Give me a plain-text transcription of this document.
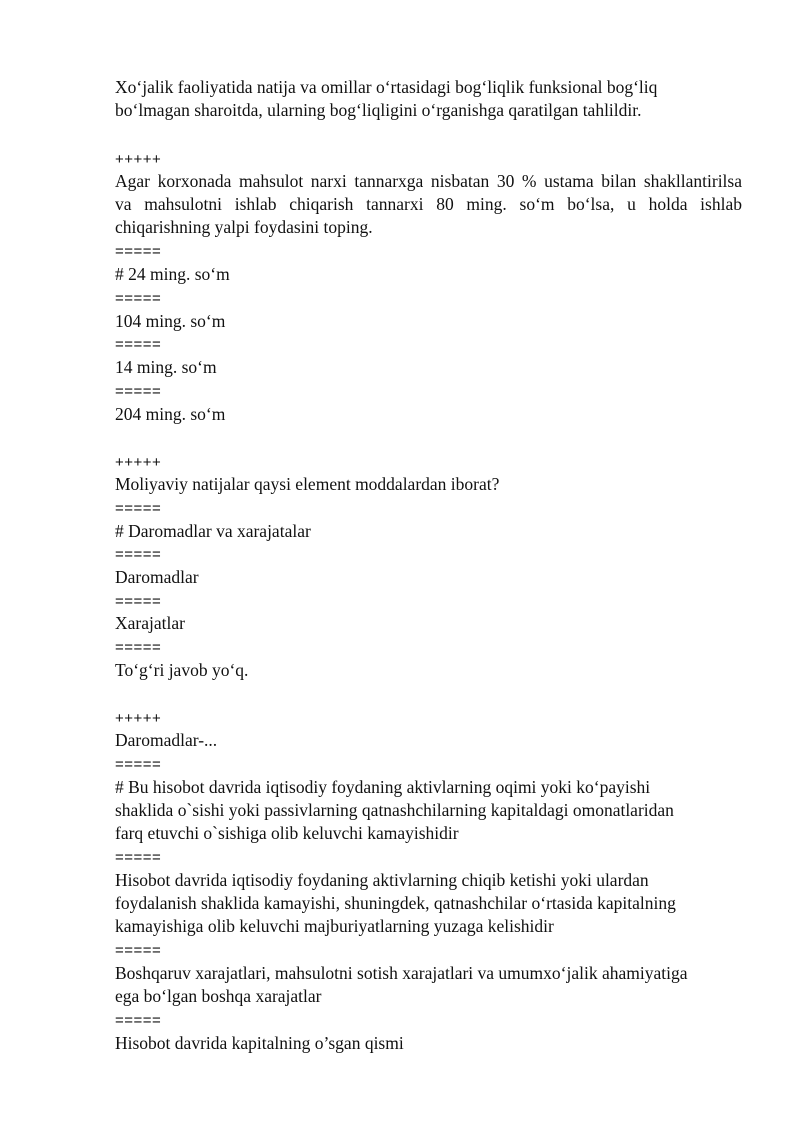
Xo‘jalik faoliyatida natija va omillar o‘rtasidagi bog‘liqlik funksional bog‘liq
bo‘lmagan sharoitda, ularning bog‘liqligini o‘rganishga qaratilgan tahlildir.
+++++
Agar korxonada mahsulot narxi tannarxga nisbatan 30 % ustama bilan shakllantirilsa
va mahsulotni ishlab chiqarish tannarxi 80 ming. so‘m bo‘lsa, u holda ishlab
chiqarishning yalpi foydasini toping.
=====
# 24 ming. so‘m
=====
104 ming. so‘m
=====
14 ming. so‘m
=====
204 ming. so‘m
+++++
Moliyaviy natijalar qaysi element moddalardan iborat?
=====
# Daromadlar va xarajatalar
=====
Daromadlar
=====
Xarajatlar
=====
To‘g‘ri javob yo‘q.
+++++
Daromadlar-...
=====
# Bu hisobot davrida iqtisodiy foydaning aktivlarning oqimi yoki ko‘payishi
shaklida o`sishi yoki passivlarning qatnashchilarning kapitaldagi omonatlaridan
farq etuvchi o`sishiga olib keluvchi kamayishidir
=====
Hisobot davrida iqtisodiy foydaning aktivlarning chiqib ketishi yoki ulardan
foydalanish shaklida kamayishi, shuningdek, qatnashchilar o‘rtasida kapitalning
kamayishiga olib keluvchi majburiyatlarning yuzaga kelishidir
=====
Boshqaruv xarajatlari, mahsulotni sotish xarajatlari va umumxo‘jalik ahamiyatiga
ega bo‘lgan boshqa xarajatlar
=====
Hisobot davrida kapitalning o’sgan qismi
